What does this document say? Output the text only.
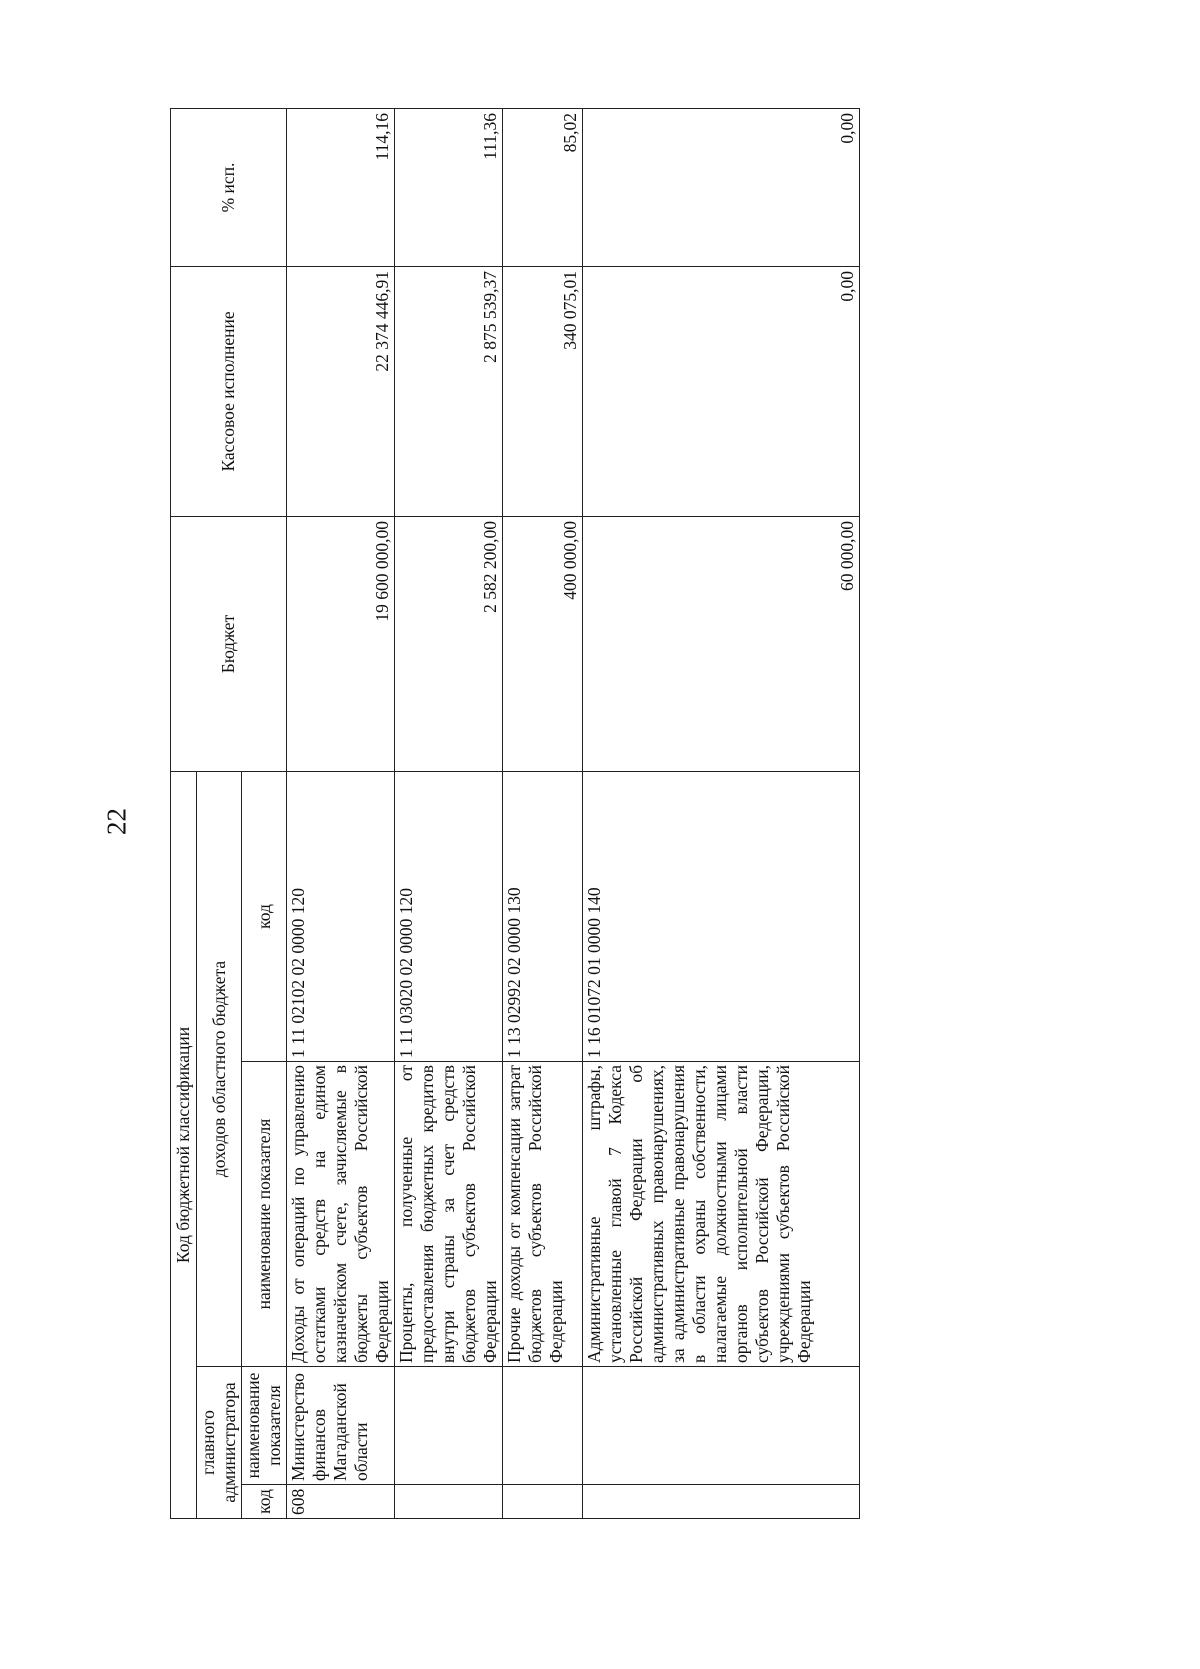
22
Код бюджетной классификации				Бюджет	Кассовое исполнение	% исп.
главного администратора		доходов областного бюджета				
код	наименование показателя	наименование показателя	код			
608	Министерство финансов Магаданской области	Доходы от операций по управлению остатками средств на едином казначейском счете, зачисляемые в бюджеты субъектов Российской Федерации	1 11 02102 02 0000 120	19 600 000,00	22 374 446,91	114,16
		Проценты, полученные от предоставления бюджетных кредитов внутри страны за счет средств бюджетов субъектов Российской Федерации	1 11 03020 02 0000 120	2 582 200,00	2 875 539,37	111,36
		Прочие доходы от компенсации затрат бюджетов субъектов Российской Федерации	1 13 02992 02 0000 130	400 000,00	340 075,01	85,02
		Административные штрафы, установленные главой 7 Кодекса Российской Федерации об административных правонарушениях, за административные правонарушения в области охраны собственности, налагаемые должностными лицами органов исполнительной власти субъектов Российской Федерации, учреждениями субъектов Российской Федерации	1 16 01072 01 0000 140	60 000,00	0,00	0,00
